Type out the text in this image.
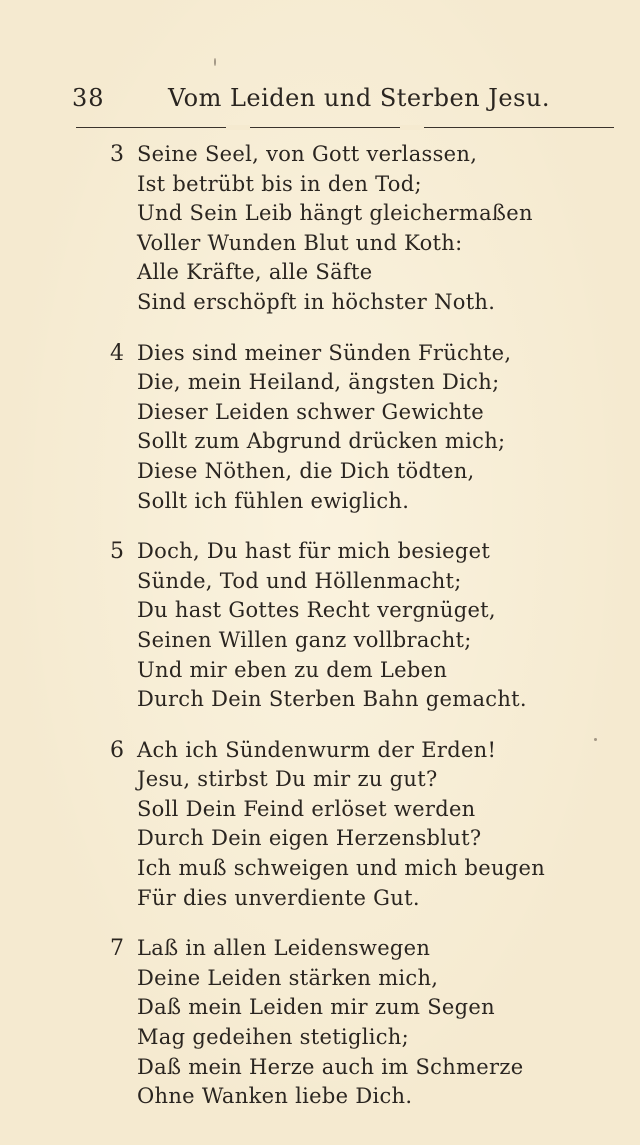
38	Vom Leiden und Sterben Jesu.
3 Seine Seel, von Gott verlassen,
Ist betrübt bis in den Tod;
Und Sein Leib hängt gleichermaßen
Voller Wunden Blut und Koth:
Alle Kräfte, alle Säfte
Sind erschöpft in höchster Noth.
4 Dies sind meiner Sünden Früchte,
Die, mein Heiland, ängsten Dich;
Dieser Leiden schwer Gewichte
Sollt zum Abgrund drücken mich;
Diese Nöthen, die Dich tödten,
Sollt ich fühlen ewiglich.
5 Doch, Du hast für mich besieget
Sünde, Tod und Höllenmacht;
Du hast Gottes Recht vergnüget,
Seinen Willen ganz vollbracht;
Und mir eben zu dem Leben
Durch Dein Sterben Bahn gemacht.
6 Ach ich Sündenwurm der Erden!
Jesu, stirbst Du mir zu gut?
Soll Dein Feind erlöset werden
Durch Dein eigen Herzensblut?
Ich muß schweigen und mich beugen
Für dies unverdiente Gut.
7 Laß in allen Leidenswegen
Deine Leiden stärken mich,
Daß mein Leiden mir zum Segen
Mag gedeihen stetiglich;
Daß mein Herze auch im Schmerze
Ohne Wanken liebe Dich.
